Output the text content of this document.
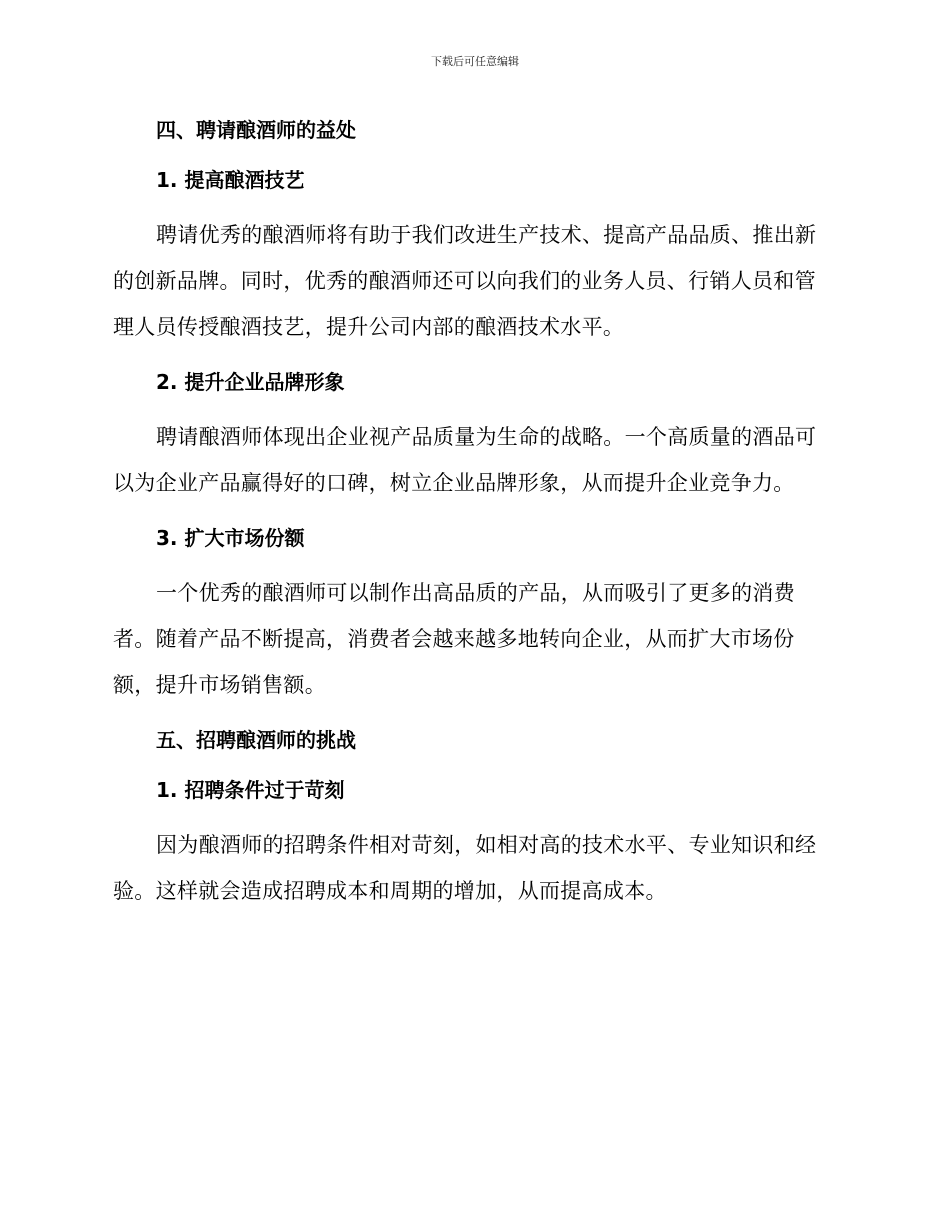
下载后可任意编辑
四、聘请酿酒师的益处
1. 提高酿酒技艺

聘请优秀的酿酒师将有助于我们改进生产技术、提高产品品质、推出新的创新品牌。同时，优秀的酿酒师还可以向我们的业务人员、行销人员和管理人员传授酿酒技艺，提升公司内部的酿酒技术水平。

2. 提升企业品牌形象

聘请酿酒师体现出企业视产品质量为生命的战略。一个高质量的酒品可以为企业产品赢得好的口碑，树立企业品牌形象，从而提升企业竞争力。

3. 扩大市场份额

一个优秀的酿酒师可以制作出高品质的产品，从而吸引了更多的消费者。随着产品不断提高，消费者会越来越多地转向企业，从而扩大市场份额，提升市场销售额。

五、招聘酿酒师的挑战
1. 招聘条件过于苛刻

因为酿酒师的招聘条件相对苛刻，如相对高的技术水平、专业知识和经验。这样就会造成招聘成本和周期的增加，从而提高成本。
